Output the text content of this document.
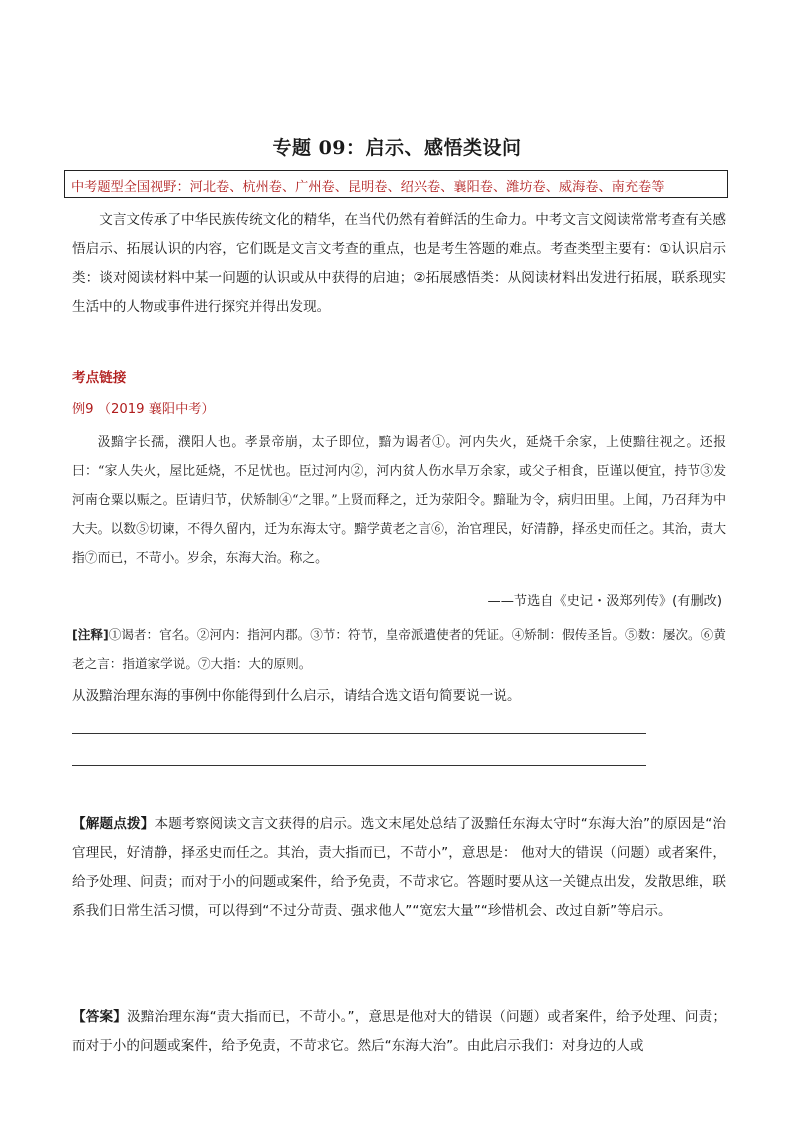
专题 09：启示、感悟类设问
中考题型全国视野：河北卷、杭州卷、广州卷、昆明卷、绍兴卷、襄阳卷、潍坊卷、威海卷、南充卷等

文言文传承了中华民族传统文化的精华，在当代仍然有着鲜活的生命力。中考文言文阅读常常考查有关感悟启示、拓展认识的内容，它们既是文言文考查的重点，也是考生答题的难点。考查类型主要有：①认识启示类：谈对阅读材料中某一问题的认识或从中获得的启迪；②拓展感悟类：从阅读材料出发进行拓展，联系现实生活中的人物或事件进行探究并得出发现。

考点链接
例9 （2019 襄阳中考）

汲黯字长孺，濮阳人也。孝景帝崩，太子即位，黯为谒者①。河内失火，延烧千余家，上使黯往视之。还报曰：“家人失火，屋比延烧，不足忧也。臣过河内②，河内贫人伤水旱万余家，或父子相食，臣谨以便宜，持节③发河南仓粟以赈之。臣请归节，伏矫制④“之罪。”上贤而释之，迁为荥阳令。黯耻为令，病归田里。上闻，乃召拜为中大夫。以数⑤切谏，不得久留内，迁为东海太守。黯学黄老之言⑥，治官理民，好清静，择丞史而任之。其治，责大指⑦而已，不苛小。岁余，东海大治。称之。

——节选自《史记・汲郑列传》(有删改)

[注释]①谒者：官名。②河内：指河内郡。③节：符节，皇帝派遣使者的凭证。④矫制：假传圣旨。⑤数：屡次。⑥黄老之言：指道家学说。⑦大指：大的原则。

从汲黯治理东海的事例中你能得到什么启示，请结合选文语句简要说一说。

【解题点拨】本题考察阅读文言文获得的启示。选文末尾处总结了汲黯任东海太守时“东海大治”的原因是“治官理民，好清静，择丞史而任之。其治，责大指而已，不苛小”，意思是： 他对大的错误（问题）或者案件，给予处理、问责；而对于小的问题或案件，给予免责，不苛求它。答题时要从这一关键点出发，发散思维，联系我们日常生活习惯，可以得到“不过分苛责、强求他人”“宽宏大量”“珍惜机会、改过自新”等启示。

【答案】汲黯治理东海“责大指而已，不苛小。”，意思是他对大的错误（问题）或者案件，给予处理、问责；而对于小的问题或案件，给予免责，不苛求它。然后“东海大治”。由此启示我们：对身边的人或
